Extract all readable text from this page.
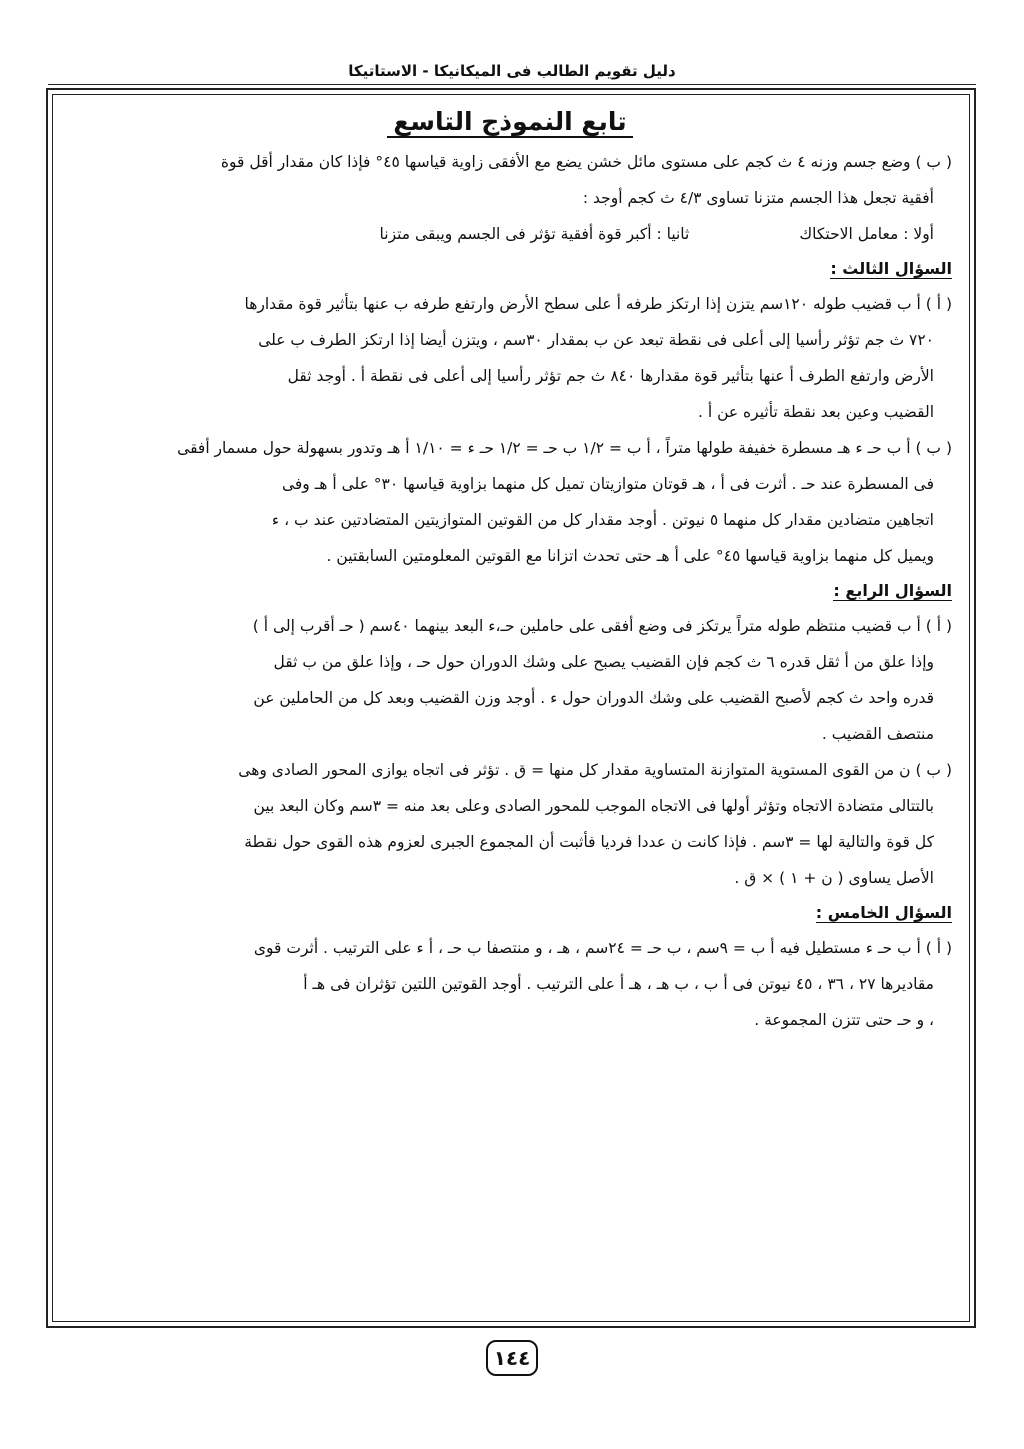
دليل تقويم الطالب فى الميكانيكا - الاستاتيكا
تابع النموذج التاسع

( ب ) وضع جسم وزنه ٤ ث كجم على مستوى مائل خشن يضع مع الأفقى زاوية قياسها ٤٥° فإذا كان مقدار أقل قوة

أفقية تجعل هذا الجسم متزنا تساوى ٤/٣ ث كجم أوجد :

أولا : معامل الاحتكاك
ثانيا : أكبر قوة أفقية تؤثر فى الجسم ويبقى متزنا
السؤال الثالث :

( أ ) أ ب قضيب طوله ١٢٠سم يتزن إذا ارتكز طرفه أ على سطح الأرض وارتفع طرفه ب عنها بتأثير قوة مقدارها

٧٢٠ ث جم تؤثر رأسيا إلى أعلى فى نقطة تبعد عن ب بمقدار ٣٠سم ، ويتزن أيضا إذا ارتكز الطرف ب على

الأرض وارتفع الطرف أ عنها بتأثير قوة مقدارها ٨٤٠ ث جم تؤثر رأسيا إلى أعلى فى نقطة أ . أوجد ثقل

القضيب وعين بعد نقطة تأثيره عن أ .

( ب ) أ ب حـ ء هـ مسطرة خفيفة طولها متراً ، أ ب = ١/٢ ب حـ = ١/٢ حـ ء = ١/١٠ أ هـ وتدور بسهولة حول مسمار أفقى

فى المسطرة عند حـ . أثرت فى أ ، هـ قوتان متوازيتان تميل كل منهما بزاوية قياسها ٣٠° على أ هـ وفى

اتجاهين متضادين مقدار كل منهما ٥ نيوتن . أوجد مقدار كل من القوتين المتوازيتين المتضادتين عند ب ، ء

ويميل كل منهما بزاوية قياسها ٤٥° على أ هـ حتى تحدث اتزانا مع القوتين المعلومتين السابقتين .

السؤال الرابع :

( أ ) أ ب قضيب منتظم طوله متراً يرتكز فى وضع أفقى على حاملين حـ،ء البعد بينهما ٤٠سم ( حـ أقرب إلى أ )

وإذا علق من أ ثقل قدره ٦ ث كجم فإن القضيب يصبح على وشك الدوران حول حـ ، وإذا علق من ب ثقل

قدره واحد ث كجم لأصبح القضيب على وشك الدوران حول ء . أوجد وزن القضيب وبعد كل من الحاملين عن

منتصف القضيب .

( ب ) ن من القوى المستوية المتوازنة المتساوية مقدار كل منها = ق . تؤثر فى اتجاه يوازى المحور الصادى وهى

بالتتالى متضادة الاتجاه وتؤثر أولها فى الاتجاه الموجب للمحور الصادى وعلى بعد منه = ٣سم وكان البعد بين

كل قوة والتالية لها = ٣سم . فإذا كانت ن عددا فرديا فأثبت أن المجموع الجبرى لعزوم هذه القوى حول نقطة

الأصل يساوى ( ن + ١ ) × ق .

السؤال الخامس :

( أ ) أ ب حـ ء مستطيل فيه أ ب = ٩سم ، ب حـ = ٢٤سم ، هـ ، و منتصفا ب حـ ، أ ء على الترتيب . أثرت قوى

مقاديرها ٢٧ ، ٣٦ ، ٤٥ نيوتن فى أ ب ، ب هـ ، هـ أ على الترتيب . أوجد القوتين اللتين تؤثران فى هـ أ

، و حـ حتى تتزن المجموعة .

١٤٤
